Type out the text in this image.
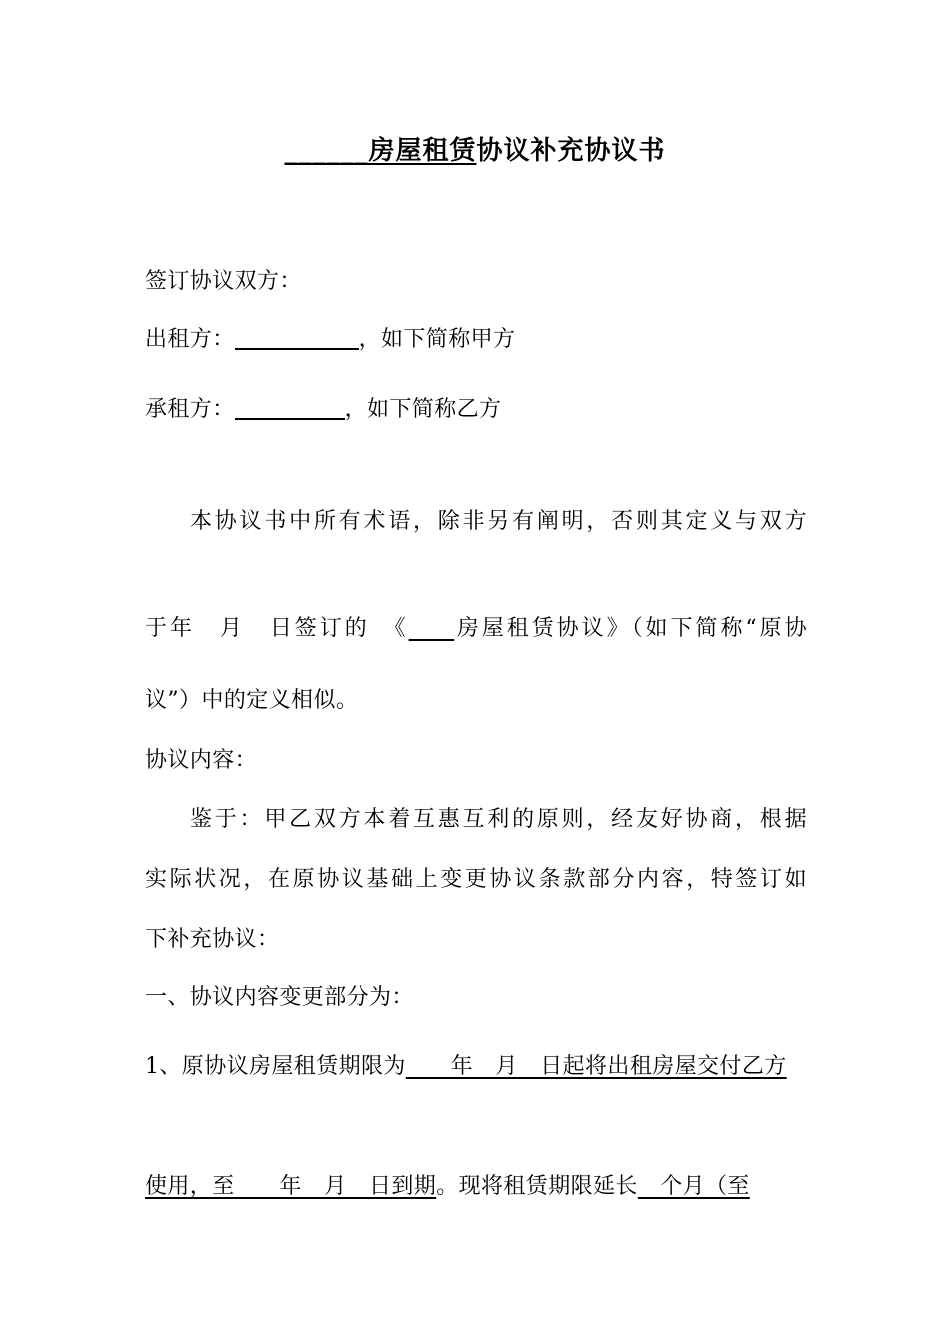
______房屋租赁协议补充协议书
签订协议双方：
出租方：	，如下简称甲方
承租方：	，如下简称乙方
本协议书中所有术语，除非另有阐明，否则其定义与双方
于年　月　日签订的　《____房屋租赁协议》（如下简称“原协
议”）中的定义相似。
协议内容：
鉴于：甲乙双方本着互惠互利的原则，经友好协商，根据
实际状况，在原协议基础上变更协议条款部分内容，特签订如
下补充协议：
一、协议内容变更部分为：
1、原协议房屋租赁期限为　　年　月　日起将出租房屋交付乙方
使用，至　　年　月　日到期。现将租赁期限延长　个月（至
